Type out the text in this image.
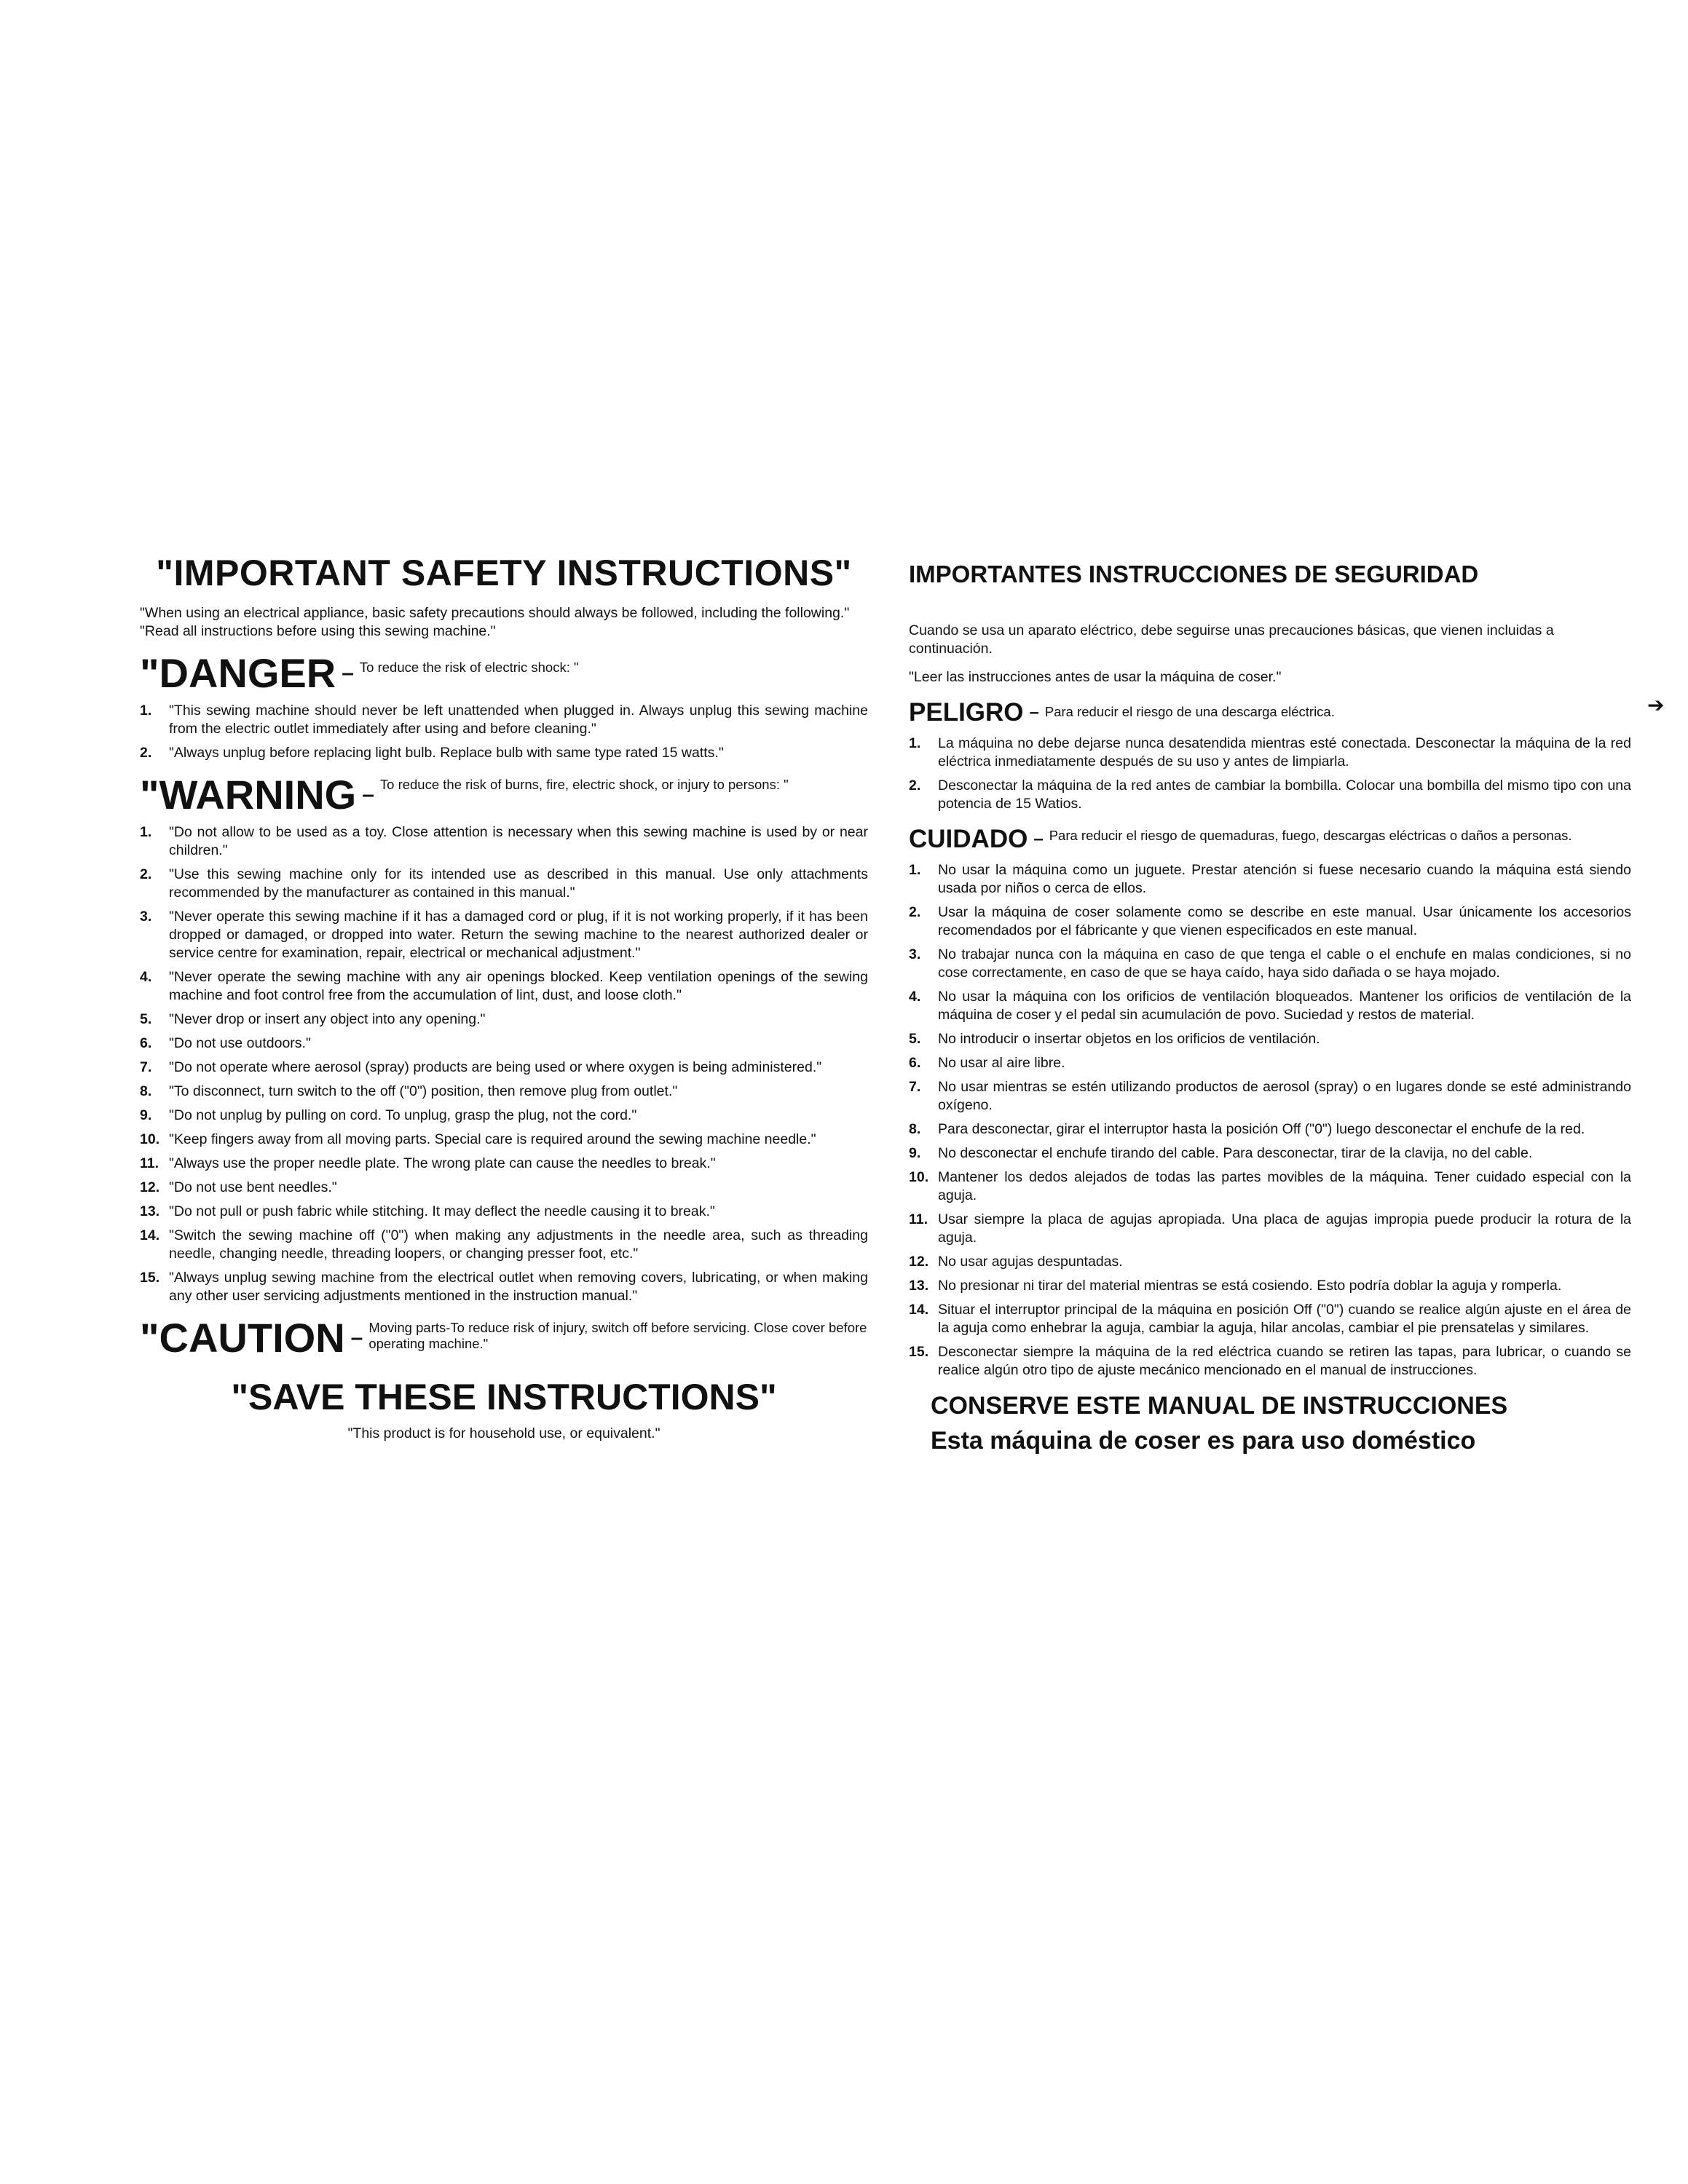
"IMPORTANT SAFETY INSTRUCTIONS"

"When using an electrical appliance, basic safety precautions should always be followed, including the following."

"Read all instructions before using this sewing machine."

"DANGER – To reduce the risk of electric shock: "
1.	"This sewing machine should never be left unattended when plugged in. Always unplug this sewing machine from the electric outlet immediately after using and before cleaning."
2.	"Always unplug before replacing light bulb. Replace bulb with same type rated 15 watts."
"WARNING – To reduce the risk of burns, fire, electric shock, or injury to persons: "
1.	"Do not allow to be used as a toy. Close attention is necessary when this sewing machine is used by or near children."
2.	"Use this sewing machine only for its intended use as described in this manual. Use only attachments recommended by the manufacturer as contained in this manual."
3.	"Never operate this sewing machine if it has a damaged cord or plug, if it is not working properly, if it has been dropped or damaged, or dropped into water. Return the sewing machine to the nearest authorized dealer or service centre for examination, repair, electrical or mechanical adjustment."
4.	"Never operate the sewing machine with any air openings blocked. Keep ventilation openings of the sewing machine and foot control free from the accumulation of lint, dust, and loose cloth."
5.	"Never drop or insert any object into any opening."
6.	"Do not use outdoors."
7.	"Do not operate where aerosol (spray) products are being used or where oxygen is being administered."
8.	"To disconnect, turn switch to the off ("0") position, then remove plug from outlet."
9.	"Do not unplug by pulling on cord. To unplug, grasp the plug, not the cord."
10. "Keep fingers away from all moving parts. Special care is required around the sewing machine needle."
11. "Always use the proper needle plate. The wrong plate can cause the needles to break."
12. "Do not use bent needles."
13. "Do not pull or push fabric while stitching. It may deflect the needle causing it to break."
14. "Switch the sewing machine off ("0") when making any adjustments in the needle area, such as threading needle, changing needle, threading loopers, or changing presser foot, etc."
15. "Always unplug sewing machine from the electrical outlet when removing covers, lubricating, or when making any other user servicing adjustments mentioned in the instruction manual."
"CAUTION – Moving parts-To reduce risk of injury, switch off before servicing. Close cover before operating machine."
"SAVE THESE INSTRUCTIONS"

"This product is for household use, or equivalent."

IMPORTANTES INSTRUCCIONES DE SEGURIDAD

Cuando se usa un aparato eléctrico, debe seguirse unas precauciones básicas, que vienen incluidas a continuación.

"Leer las instrucciones antes de usar la máquina de coser."

PELIGRO – Para reducir el riesgo de una descarga eléctrica.
1.	La máquina no debe dejarse nunca desatendida mientras esté conectada. Desconectar la máquina de la red eléctrica inmediatamente después de su uso y antes de limpiarla.
2.	Desconectar la máquina de la red antes de cambiar la bombilla. Colocar una bombilla del mismo tipo con una potencia de 15 Watios.
CUIDADO – Para reducir el riesgo de quemaduras, fuego, descargas eléctricas o daños a personas.
1.	No usar la máquina como un juguete. Prestar atención si fuese necesario cuando la máquina está siendo usada por niños o cerca de ellos.
2.	Usar la máquina de coser solamente como se describe en este manual. Usar únicamente los accesorios recomendados por el fábricante y que vienen especificados en este manual.
3.	No trabajar nunca con la máquina en caso de que tenga el cable o el enchufe en malas condiciones, si no cose correctamente, en caso de que se haya caído, haya sido dañada o se haya mojado.
4.	No usar la máquina con los orificios de ventilación bloqueados. Mantener los orificios de ventilación de la máquina de coser y el pedal sin acumulación de povo. Suciedad y restos de material.
5.	No introducir o insertar objetos en los orificios de ventilación.
6.	No usar al aire libre.
7.	No usar mientras se estén utilizando productos de aerosol (spray) o en lugares donde se esté administrando oxígeno.
8.	Para desconectar, girar el interruptor hasta la posición Off ("0") luego desconectar el enchufe de la red.
9.	No desconectar el enchufe tirando del cable. Para desconectar, tirar de la clavija, no del cable.
10. Mantener los dedos alejados de todas las partes movibles de la máquina. Tener cuidado especial con la aguja.
11. Usar siempre la placa de agujas apropiada. Una placa de agujas impropia puede producir la rotura de la aguja.
12. No usar agujas despuntadas.
13. No presionar ni tirar del material mientras se está cosiendo. Esto podría doblar la aguja y romperla.
14. Situar el interruptor principal de la máquina en posición Off ("0") cuando se realice algún ajuste en el área de la aguja como enhebrar la aguja, cambiar la aguja, hilar ancolas, cambiar el pie prensatelas y similares.
15. Desconectar siempre la máquina de la red eléctrica cuando se retiren las tapas, para lubricar, o cuando se realice algún otro tipo de ajuste mecánico mencionado en el manual de instrucciones.
CONSERVE ESTE MANUAL DE INSTRUCCIONES
Esta máquina de coser es para uso doméstico
➔
